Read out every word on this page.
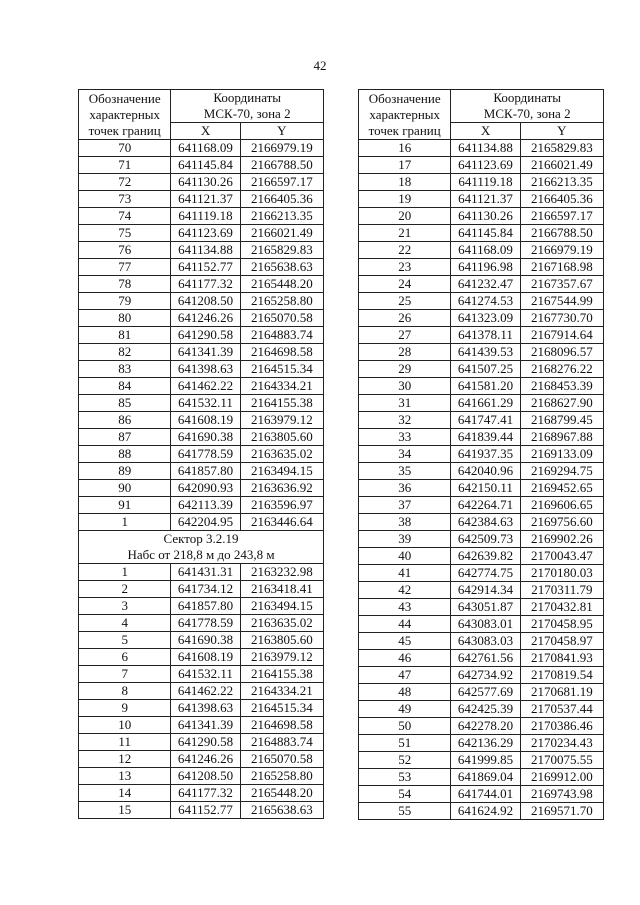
42
Обозначение
характерных
точек границ	Координаты
МСК-70, зона 2	
	X	Y
70	641168.09	2166979.19
71	641145.84	2166788.50
72	641130.26	2166597.17
73	641121.37	2166405.36
74	641119.18	2166213.35
75	641123.69	2166021.49
76	641134.88	2165829.83
77	641152.77	2165638.63
78	641177.32	2165448.20
79	641208.50	2165258.80
80	641246.26	2165070.58
81	641290.58	2164883.74
82	641341.39	2164698.58
83	641398.63	2164515.34
84	641462.22	2164334.21
85	641532.11	2164155.38
86	641608.19	2163979.12
87	641690.38	2163805.60
88	641778.59	2163635.02
89	641857.80	2163494.15
90	642090.93	2163636.92
91	642113.39	2163596.97
1	642204.95	2163446.64
Сектор 3.2.19
Набс от 218,8 м до 243,8 м		
1	641431.31	2163232.98
2	641734.12	2163418.41
3	641857.80	2163494.15
4	641778.59	2163635.02
5	641690.38	2163805.60
6	641608.19	2163979.12
7	641532.11	2164155.38
8	641462.22	2164334.21
9	641398.63	2164515.34
10	641341.39	2164698.58
11	641290.58	2164883.74
12	641246.26	2165070.58
13	641208.50	2165258.80
14	641177.32	2165448.20
15	641152.77	2165638.63
Обозначение
характерных
точек границ	Координаты
МСК-70, зона 2	
	X	Y
16	641134.88	2165829.83
17	641123.69	2166021.49
18	641119.18	2166213.35
19	641121.37	2166405.36
20	641130.26	2166597.17
21	641145.84	2166788.50
22	641168.09	2166979.19
23	641196.98	2167168.98
24	641232.47	2167357.67
25	641274.53	2167544.99
26	641323.09	2167730.70
27	641378.11	2167914.64
28	641439.53	2168096.57
29	641507.25	2168276.22
30	641581.20	2168453.39
31	641661.29	2168627.90
32	641747.41	2168799.45
33	641839.44	2168967.88
34	641937.35	2169133.09
35	642040.96	2169294.75
36	642150.11	2169452.65
37	642264.71	2169606.65
38	642384.63	2169756.60
39	642509.73	2169902.26
40	642639.82	2170043.47
41	642774.75	2170180.03
42	642914.34	2170311.79
43	643051.87	2170432.81
44	643083.01	2170458.95
45	643083.03	2170458.97
46	642761.56	2170841.93
47	642734.92	2170819.54
48	642577.69	2170681.19
49	642425.39	2170537.44
50	642278.20	2170386.46
51	642136.29	2170234.43
52	641999.85	2170075.55
53	641869.04	2169912.00
54	641744.01	2169743.98
55	641624.92	2169571.70
